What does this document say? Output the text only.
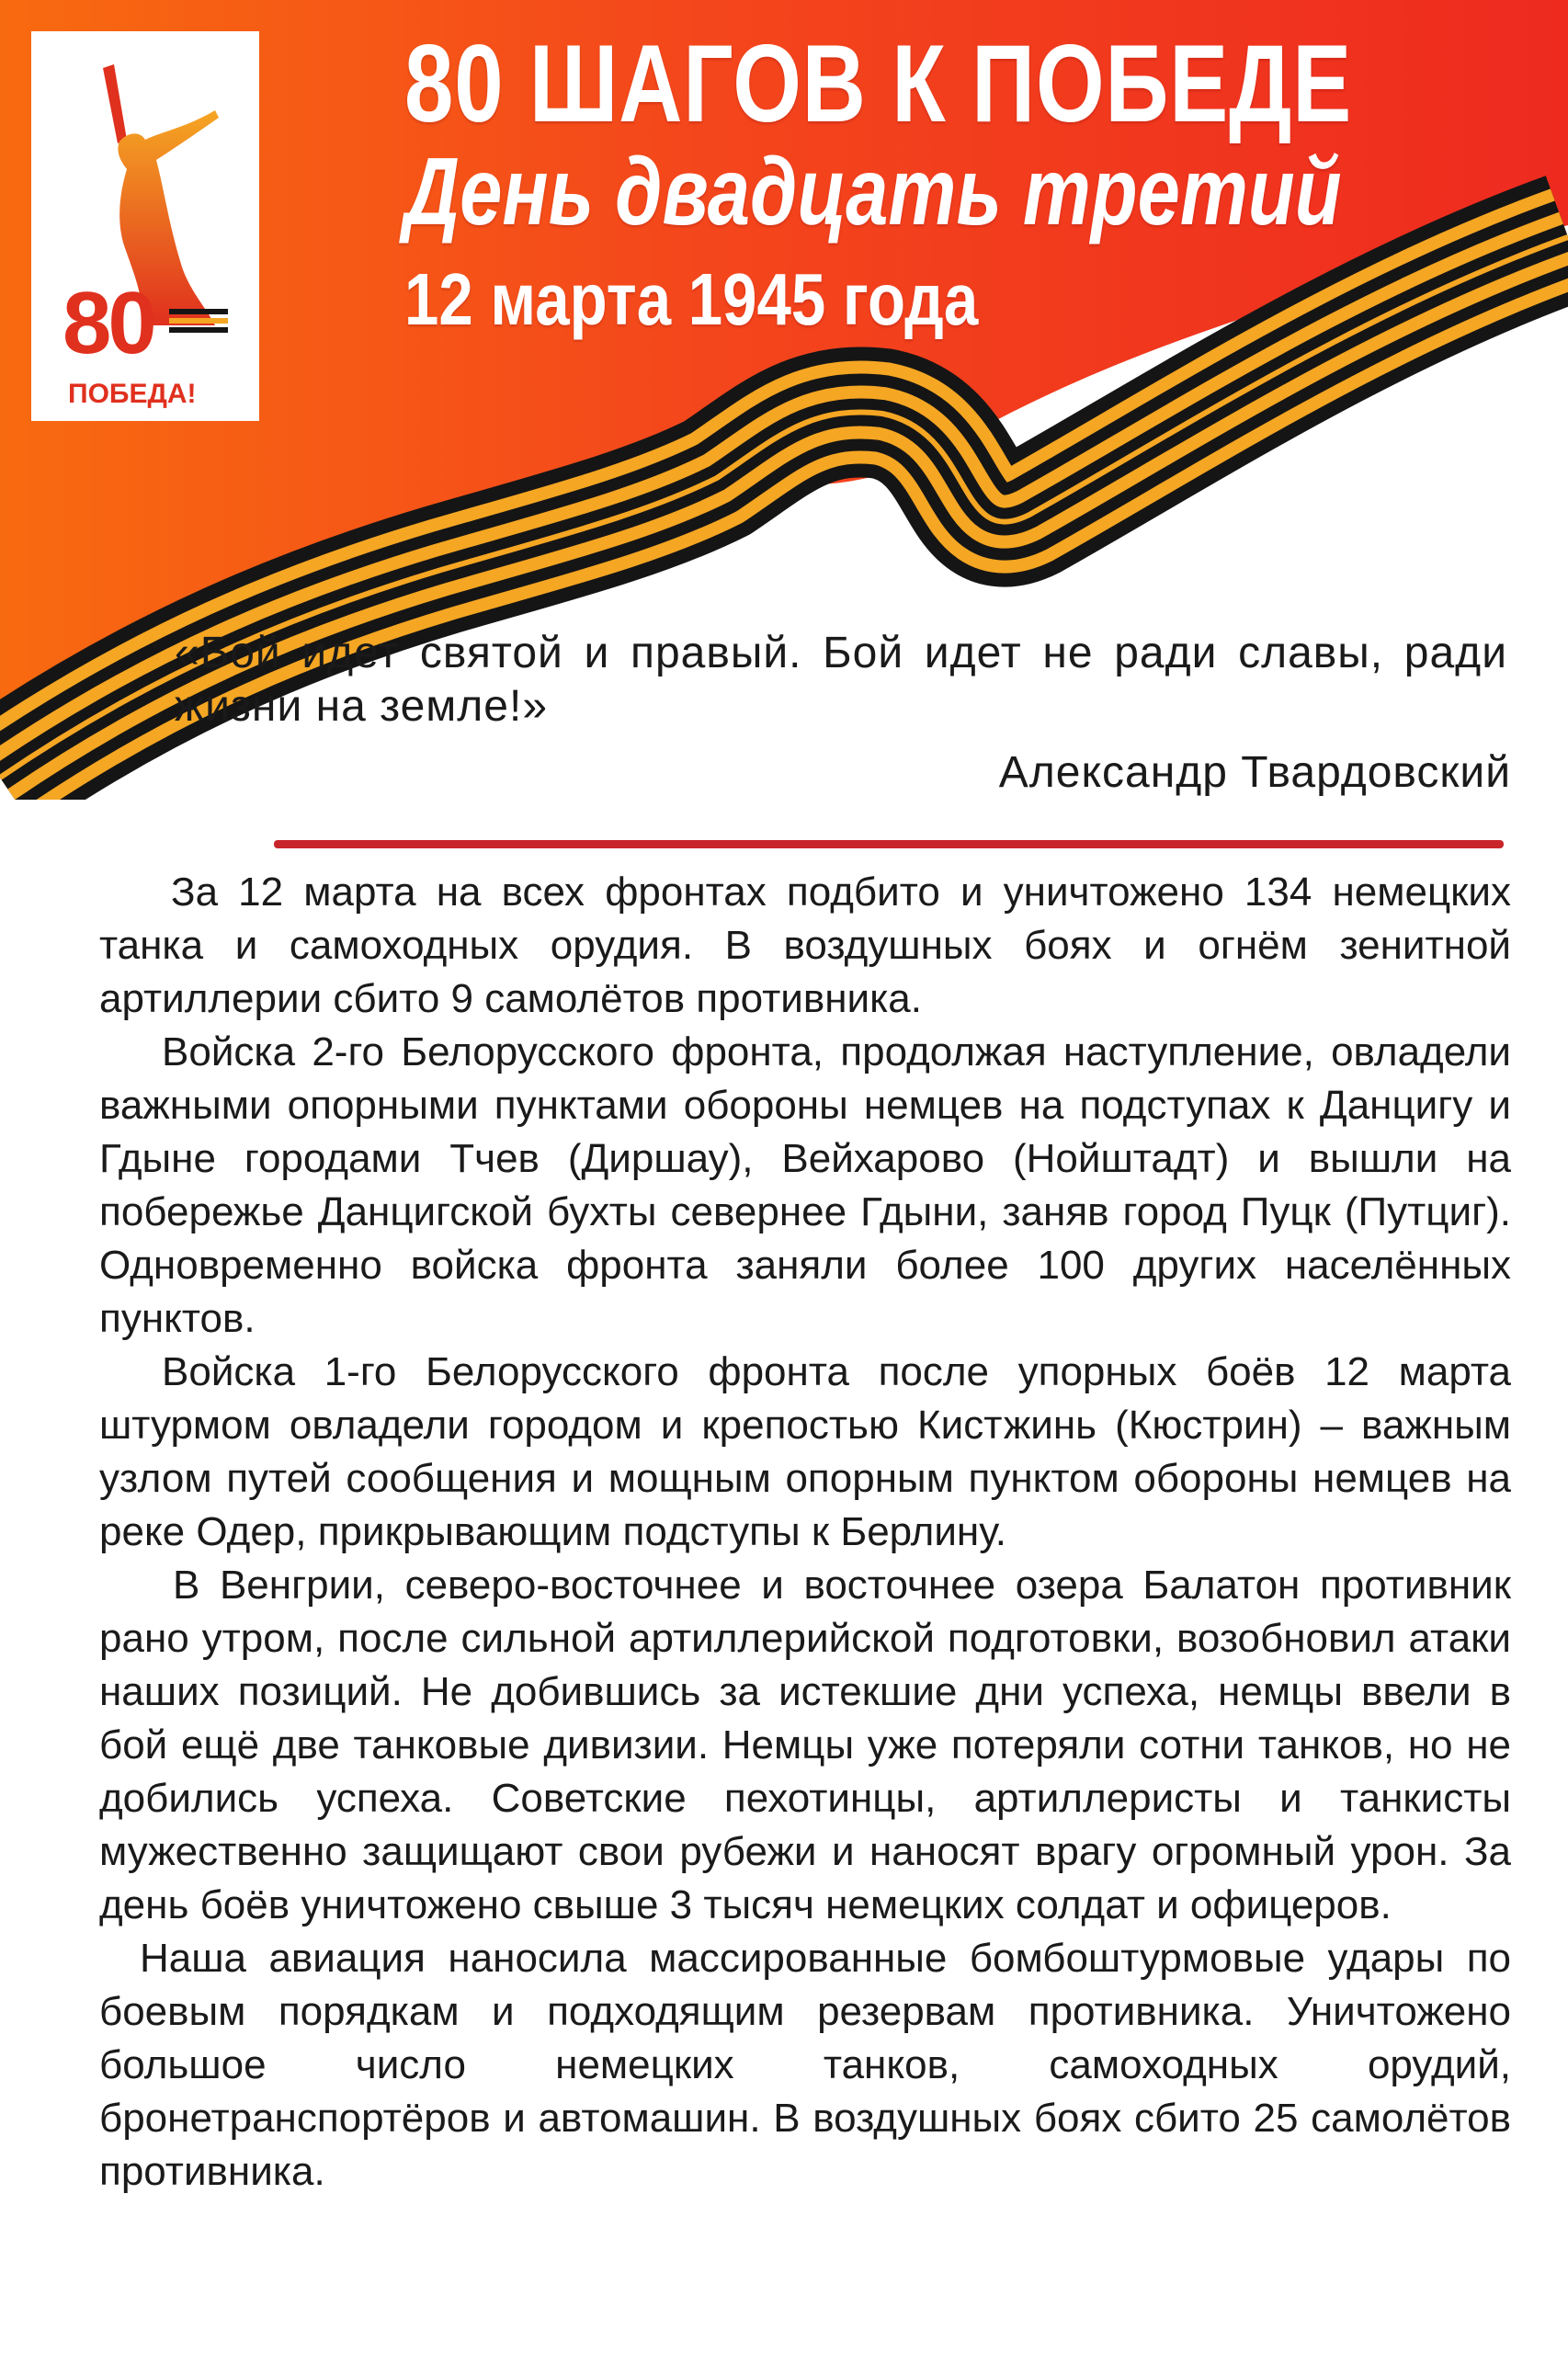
80
ПОБЕДА!
80 ШАГОВ К ПОБЕДЕ
День двадцать третий
12 марта 1945 года
«Бой идет святой и правый. Бой идет не ради славы, ради жизни на земле!»
Александр Твардовский

За 12 марта на всех фронтах подбито и уничтожено 134 немецких танка и самоходных орудия. В воздушных боях и огнём зенитной артиллерии сбито 9 самолётов противника.

Войска 2-го Белорусского фронта, продолжая наступление, овладели важными опорными пунктами обороны немцев на подступах к Данцигу и Гдыне городами Тчев (Диршау), Вейхарово (Нойштадт) и вышли на побережье Данцигской бухты севернее Гдыни, заняв город Пуцк (Путциг). Одновременно войска фронта заняли более 100 других населённых пунктов.

Войска 1-го Белорусского фронта после упорных боёв 12 марта штурмом овладели городом и крепостью Кистжинь (Кюстрин) – важным узлом путей сообщения и мощным опорным пунктом обороны немцев на реке Одер, прикрывающим подступы к Берлину.

В Венгрии, северо-восточнее и восточнее озера Балатон противник рано утром, после сильной артиллерийской подготовки, возобновил атаки наших позиций. Не добившись за истекшие дни успеха, немцы ввели в бой ещё две танковые дивизии. Немцы уже потеряли сотни танков, но не добились успеха. Советские пехотинцы, артиллеристы и танкисты мужественно защищают свои рубежи и наносят врагу огромный урон. За день боёв уничтожено свыше 3 тысяч немецких солдат и офицеров.

Наша авиация наносила массированные бомбоштурмовые удары по боевым порядкам и подходящим резервам противника. Уничтожено большое число немецких танков, самоходных орудий, бронетранспортёров и автомашин. В воздушных боях сбито 25 самолётов противника.
